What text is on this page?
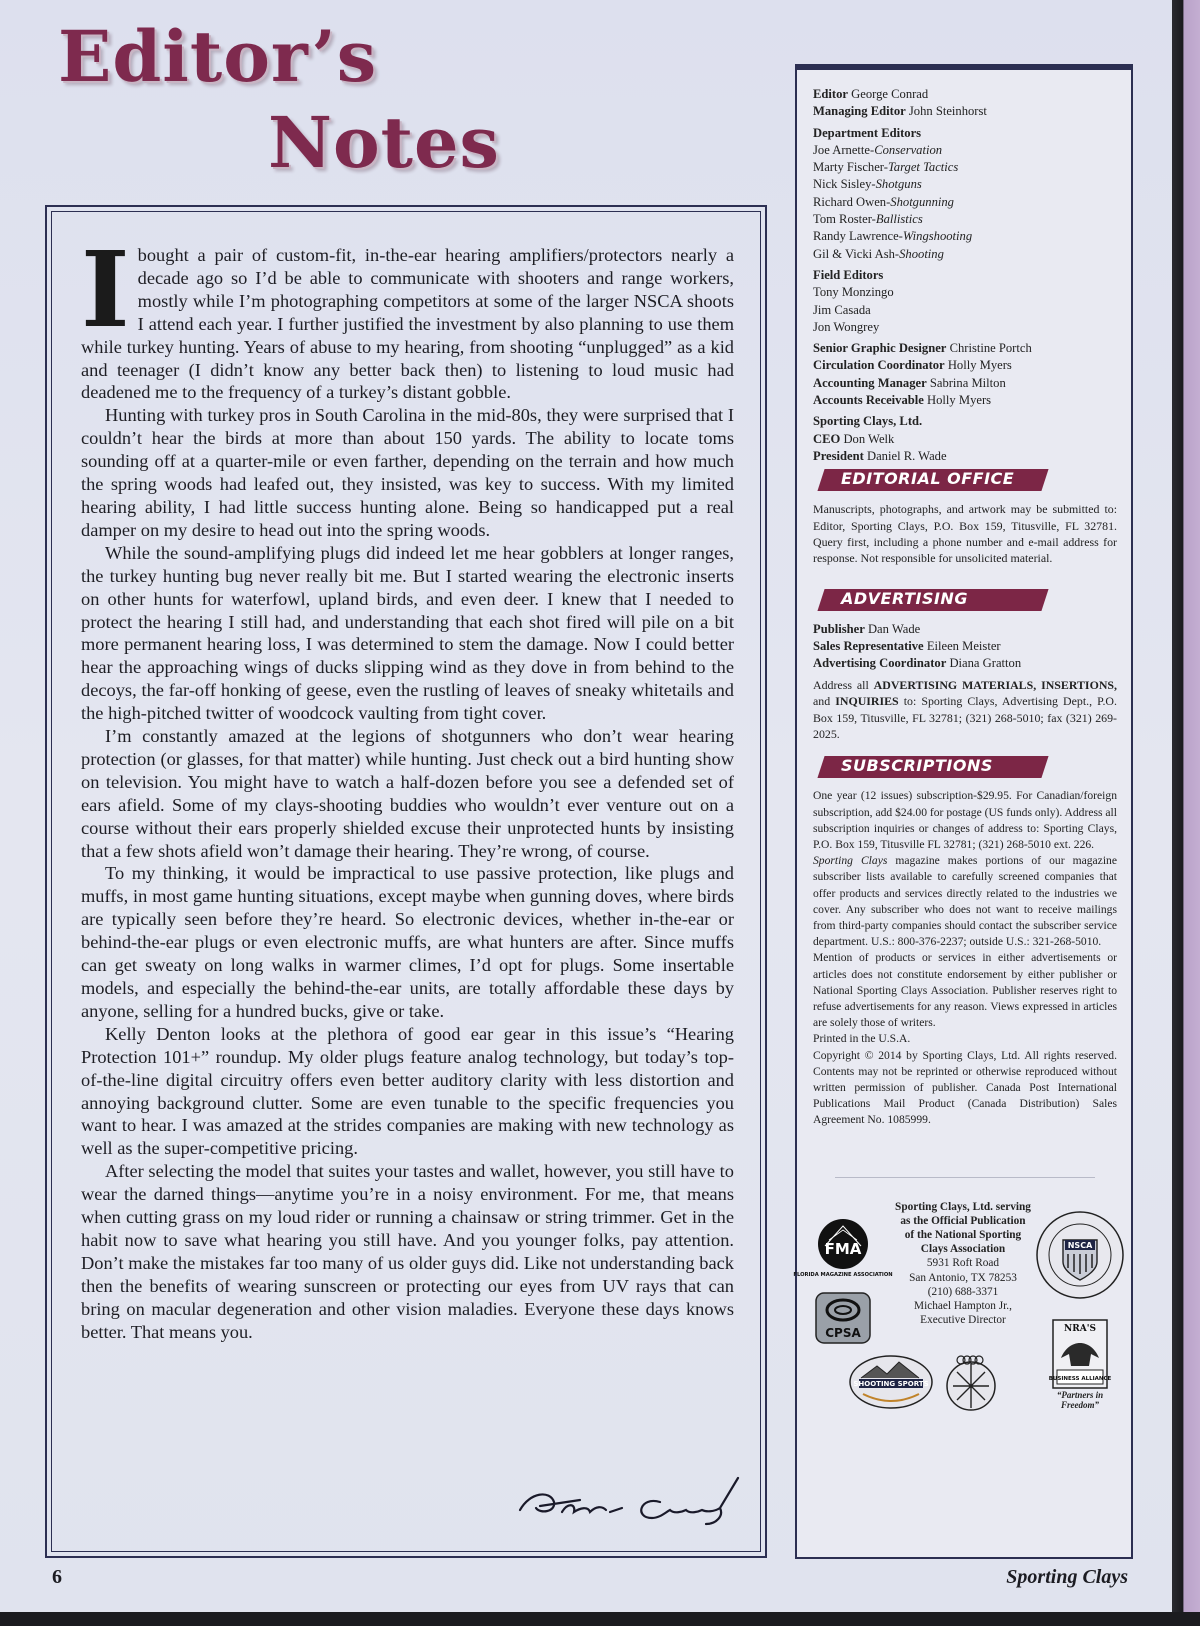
Editor’s
Notes

Ibought a pair of custom-fit, in-the-ear hearing amplifiers/protectors nearly a decade ago so I’d be able to communicate with shooters and range workers, mostly while I’m photographing competitors at some of the larger NSCA shoots I attend each year. I further justified the investment by also planning to use them while turkey hunting. Years of abuse to my hearing, from shooting “unplugged” as a kid and teenager (I didn’t know any better back then) to listening to loud music had deadened me to the frequency of a turkey’s distant gobble.

Hunting with turkey pros in South Carolina in the mid-80s, they were surprised that I couldn’t hear the birds at more than about 150 yards. The ability to locate toms sounding off at a quarter-mile or even farther, depending on the terrain and how much the spring woods had leafed out, they insisted, was key to success. With my limited hearing ability, I had little success hunting alone. Being so handicapped put a real damper on my desire to head out into the spring woods.

While the sound-amplifying plugs did indeed let me hear gobblers at longer ranges, the turkey hunting bug never really bit me. But I started wearing the electronic inserts on other hunts for waterfowl, upland birds, and even deer. I knew that I needed to protect the hearing I still had, and understanding that each shot fired will pile on a bit more permanent hearing loss, I was determined to stem the damage. Now I could better hear the approaching wings of ducks slipping wind as they dove in from behind to the decoys, the far-off honking of geese, even the rustling of leaves of sneaky whitetails and the high-pitched twitter of woodcock vaulting from tight cover.

I’m constantly amazed at the legions of shotgunners who don’t wear hearing protection (or glasses, for that matter) while hunting. Just check out a bird hunting show on television. You might have to watch a half-dozen before you see a defended set of ears afield. Some of my clays-shooting buddies who wouldn’t ever venture out on a course without their ears properly shielded excuse their unprotected hunts by insisting that a few shots afield won’t damage their hearing. They’re wrong, of course.

To my thinking, it would be impractical to use passive protection, like plugs and muffs, in most game hunting situations, except maybe when gunning doves, where birds are typically seen before they’re heard. So electronic devices, whether in-the-ear or behind-the-ear plugs or even electronic muffs, are what hunters are after. Since muffs can get sweaty on long walks in warmer climes, I’d opt for plugs. Some insertable models, and especially the behind-the-ear units, are totally affordable these days by anyone, selling for a hundred bucks, give or take.

Kelly Denton looks at the plethora of good ear gear in this issue’s “Hearing Protection 101+” roundup. My older plugs feature analog technology, but today’s top-of-the-line digital circuitry offers even better auditory clarity with less distortion and annoying background clutter. Some are even tunable to the specific frequencies you want to hear. I was amazed at the strides companies are making with new technology as well as the super-competitive pricing.

After selecting the model that suites your tastes and wallet, however, you still have to wear the darned things—anytime you’re in a noisy environment. For me, that means when cutting grass on my loud rider or running a chainsaw or string trimmer. Get in the habit now to save what hearing you still have. And you younger folks, pay attention. Don’t make the mistakes far too many of us older guys did. Like not understanding back then the benefits of wearing sunscreen or protecting our eyes from UV rays that can bring on macular degeneration and other vision maladies. Everyone these days knows better. That means you.

Editor George Conrad
Managing Editor John Steinhorst
Department Editors
Joe Arnette-Conservation
Marty Fischer-Target Tactics
Nick Sisley-Shotguns
Richard Owen-Shotgunning
Tom Roster-Ballistics
Randy Lawrence-Wingshooting
Gil & Vicki Ash-Shooting
Field Editors
Tony Monzingo
Jim Casada
Jon Wongrey
Senior Graphic Designer Christine Portch
Circulation Coordinator Holly Myers
Accounting Manager Sabrina Milton
Accounts Receivable Holly Myers
Sporting Clays, Ltd.
CEO Don Welk
President Daniel R. Wade
EDITORIAL OFFICE
Manuscripts, photographs, and artwork may be submitted to: Editor, Sporting Clays, P.O. Box 159, Titusville, FL 32781. Query first, including a phone number and e-mail address for response. Not responsible for unsolicited material.
ADVERTISING
Publisher Dan Wade
Sales Representative Eileen Meister
Advertising Coordinator Diana Gratton
Address all ADVERTISING MATERIALS, INSERTIONS, and INQUIRIES to: Sporting Clays, Advertising Dept., P.O. Box 159, Titusville, FL 32781; (321) 268-5010; fax (321) 269-2025.
SUBSCRIPTIONS
One year (12 issues) subscription-$29.95. For Canadian/foreign subscription, add $24.00 for postage (US funds only). Address all subscription inquiries or changes of address to: Sporting Clays, P.O. Box 159, Titusville FL 32781; (321) 268-5010 ext. 226.
Sporting Clays magazine makes portions of our magazine subscriber lists available to carefully screened companies that offer products and services directly related to the industries we cover. Any subscriber who does not want to receive mailings from third-party companies should contact the subscriber service department. U.S.: 800-376-2237; outside U.S.: 321-268-5010.
Mention of products or services in either advertisements or articles does not constitute endorsement by either publisher or National Sporting Clays Association. Publisher reserves right to refuse advertisements for any reason. Views expressed in articles are solely those of writers.
Printed in the U.S.A.
Copyright © 2014 by Sporting Clays, Ltd. All rights reserved. Contents may not be reprinted or otherwise reproduced without written permission of publisher. Canada Post International Publications Mail Product (Canada Distribution) Sales Agreement No. 1085999.
FMA
FLORIDA MAGAZINE ASSOCIATION
CPSA
Sporting Clays, Ltd. serving as the Official Publication of the National Sporting Clays Association
5931 Roft Road
San Antonio, TX 78253
(210) 688-3371
Michael Hampton Jr.,
Executive Director
NSCA
SHOOTING SPORTS
NRA'S
BUSINESS ALLIANCE
“Partners in Freedom”
6	Sporting Clays
